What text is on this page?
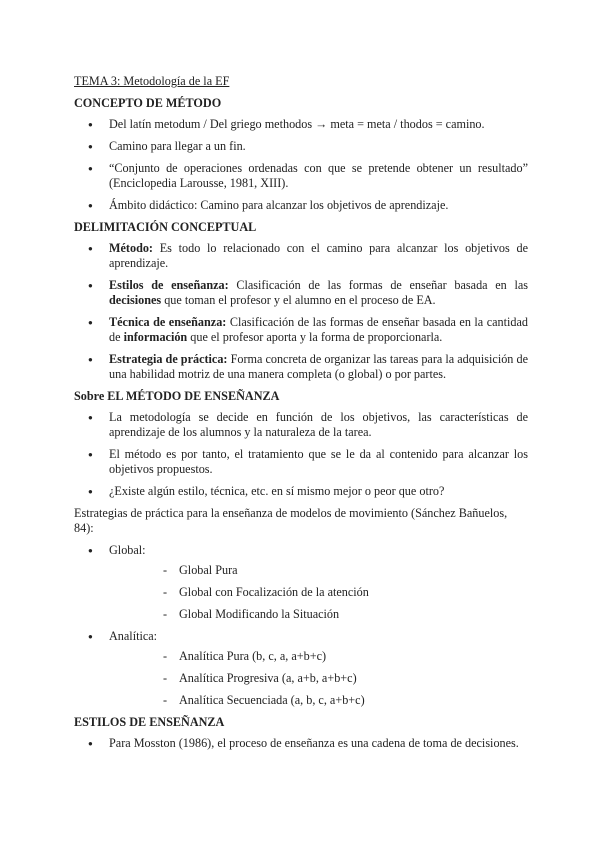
TEMA 3: Metodología de la EF
CONCEPTO DE MÉTODO
● Del latín metodum / Del griego methodos → meta = meta / thodos = camino.
● Camino para llegar a un fin.
● “Conjunto de operaciones ordenadas con que se pretende obtener un resultado” (Enciclopedia Larousse, 1981, XIII).
● Ámbito didáctico: Camino para alcanzar los objetivos de aprendizaje.
DELIMITACIÓN CONCEPTUAL
● Método: Es todo lo relacionado con el camino para alcanzar los objetivos de aprendizaje.
● Estilos de enseñanza: Clasificación de las formas de enseñar basada en las decisiones que toman el profesor y el alumno en el proceso de EA.
● Técnica de enseñanza: Clasificación de las formas de enseñar basada en la cantidad de información que el profesor aporta y la forma de proporcionarla.
● Estrategia de práctica: Forma concreta de organizar las tareas para la adquisición de una habilidad motriz de una manera completa (o global) o por partes.
Sobre EL MÉTODO DE ENSEÑANZA
● La metodología se decide en función de los objetivos, las características de aprendizaje de los alumnos y la naturaleza de la tarea.
● El método es por tanto, el tratamiento que se le da al contenido para alcanzar los objetivos propuestos.
● ¿Existe algún estilo, técnica, etc. en sí mismo mejor o peor que otro?
Estrategias de práctica para la enseñanza de modelos de movimiento (Sánchez Bañuelos, 84):
● Global:
- Global Pura
- Global con Focalización de la atención
- Global Modificando la Situación
● Analítica:
- Analítica Pura (b, c, a, a+b+c)
- Analítica Progresiva (a, a+b, a+b+c)
- Analítica Secuenciada (a, b, c, a+b+c)
ESTILOS DE ENSEÑANZA
● Para Mosston (1986), el proceso de enseñanza es una cadena de toma de decisiones.
